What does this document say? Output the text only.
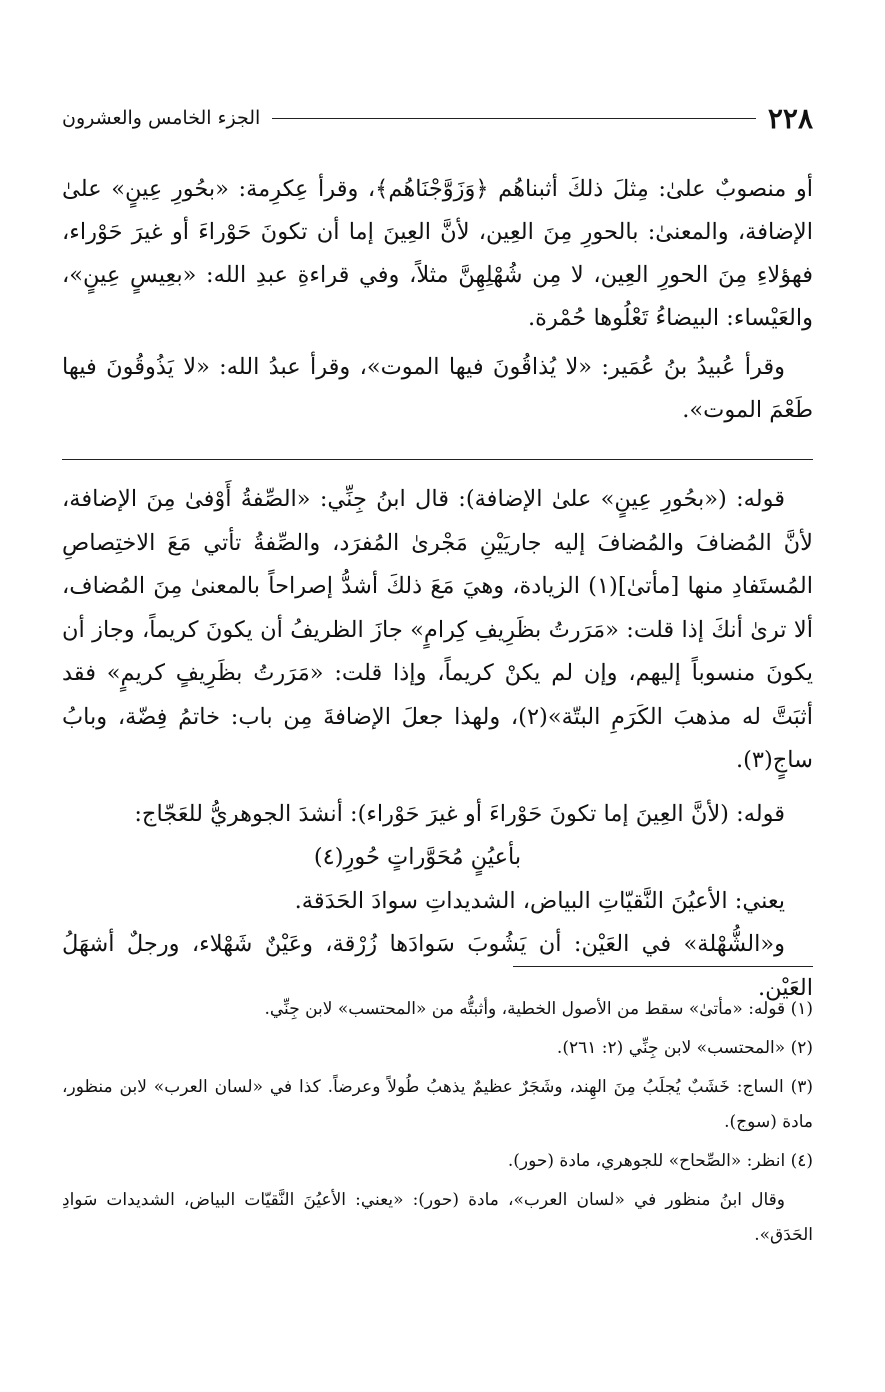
٢٢٨
الجزء الخامس والعشرون

أو منصوبٌ علىٰ: مِثلَ ذلكَ أثبناهُم ﴿وَزَوَّجْنَاهُم﴾، وقرأ عِكرِمة: «بحُورِ عِينٍ» علىٰ الإضافة، والمعنىٰ: بالحورِ مِنَ العِين، لأنَّ العِينَ إما أن تكونَ حَوْراءَ أو غيرَ حَوْراء، فهؤلاءِ مِنَ الحورِ العِين، لا مِن شُهْلِهِنَّ مثلاً، وفي قراءةِ عبدِ الله: «بعِيسٍ عِينٍ»، والعَيْساء: البيضاءُ تَعْلُوها حُمْرة.

وقرأ عُبيدُ بنُ عُمَير: «لا يُذاقُونَ فيها الموت»، وقرأ عبدُ الله: «لا يَذُوقُونَ فيها طَعْمَ الموت».

قوله: («بحُورِ عِينٍ» علىٰ الإضافة): قال ابنُ جِنِّي: «الصِّفةُ أَوْفىٰ مِنَ الإضافة، لأنَّ المُضافَ والمُضافَ إليه جاريَيْنِ مَجْرىٰ المُفرَد، والصِّفةُ تأتي مَعَ الاختِصاصِ المُستَفادِ منها [مأتىٰ](١) الزيادة، وهيَ مَعَ ذلكَ أشدُّ إصراحاً بالمعنىٰ مِنَ المُضاف، ألا ترىٰ أنكَ إذا قلت: «مَرَرتُ بظَرِيفِ كِرامٍ» جازَ الظريفُ أن يكونَ كريماً، وجاز أن يكونَ منسوباً إليهم، وإن لم يكنْ كريماً، وإذا قلت: «مَرَرتُ بظَرِيفٍ كريمٍ» فقد أثبَتَّ له مذهبَ الكَرَمِ البتّة»(٢)، ولهذا جعلَ الإضافةَ مِن باب: خاتمُ فِضّة، وبابُ ساجٍ(٣).

قوله: (لأنَّ العِينَ إما تكونَ حَوْراءَ أو غيرَ حَوْراء): أنشدَ الجوهريُّ للعَجّاج:

بأعيُنٍ مُحَوَّراتٍ حُورِ(٤)

يعني: الأعيُنَ النَّقيّاتِ البياض، الشديداتِ سوادَ الحَدَقة.

و«الشُّهْلة» في العَيْن: أن يَشُوبَ سَوادَها زُرْقة، وعَيْنٌ شَهْلاء، ورجلٌ أشهَلُ العَيْن.

(١) قوله: «مأتىٰ» سقط من الأصول الخطية، وأثبتُّه من «المحتسب» لابن جِنِّي.

(٢) «المحتسب» لابن جِنِّي (٢: ٢٦١).

(٣) الساج: خَشَبٌ يُجلَبُ مِنَ الهِند، وشَجَرٌ عظيمٌ يذهبُ طُولاً وعرضاً. كذا في «لسان العرب» لابن منظور، مادة (سوج).

(٤) انظر: «الصِّحاح» للجوهري، مادة (حور).

وقال ابنُ منظور في «لسان العرب»، مادة (حور): «يعني: الأعيُنَ النَّقيّات البياض، الشديدات سَوادِ الحَدَق».
